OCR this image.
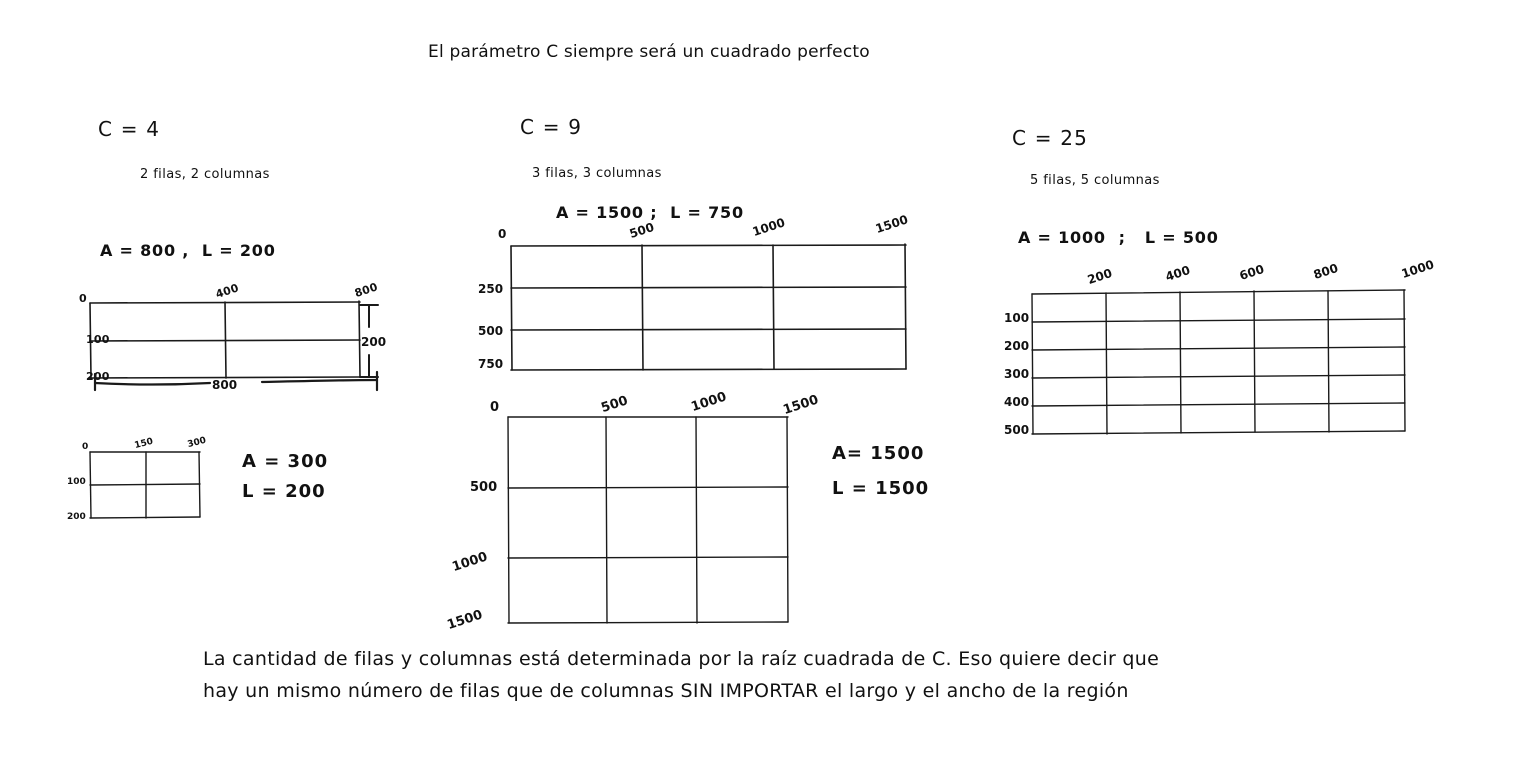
El parámetro C siempre será un cuadrado perfecto
C = 4
2 filas, 2 columnas
A = 800 ,  L = 200
0	400	800
100
200
800
200
0	150	300
100
200
A = 300
L = 200
C = 9
3 filas, 3 columnas
A = 1500 ;  L = 750
0	500	1000	1500
250
500
750
0	500	1000	1500
500
1000
1500
A= 1500
L = 1500
C = 25
5 filas, 5 columnas
A = 1000  ;   L = 500
200	400	600	800	1000
100
200
300
400
500
La cantidad de filas y columnas está determinada por la raíz cuadrada de C. Eso quiere decir que
hay un mismo número de filas que de columnas SIN IMPORTAR el largo y el ancho de la región
